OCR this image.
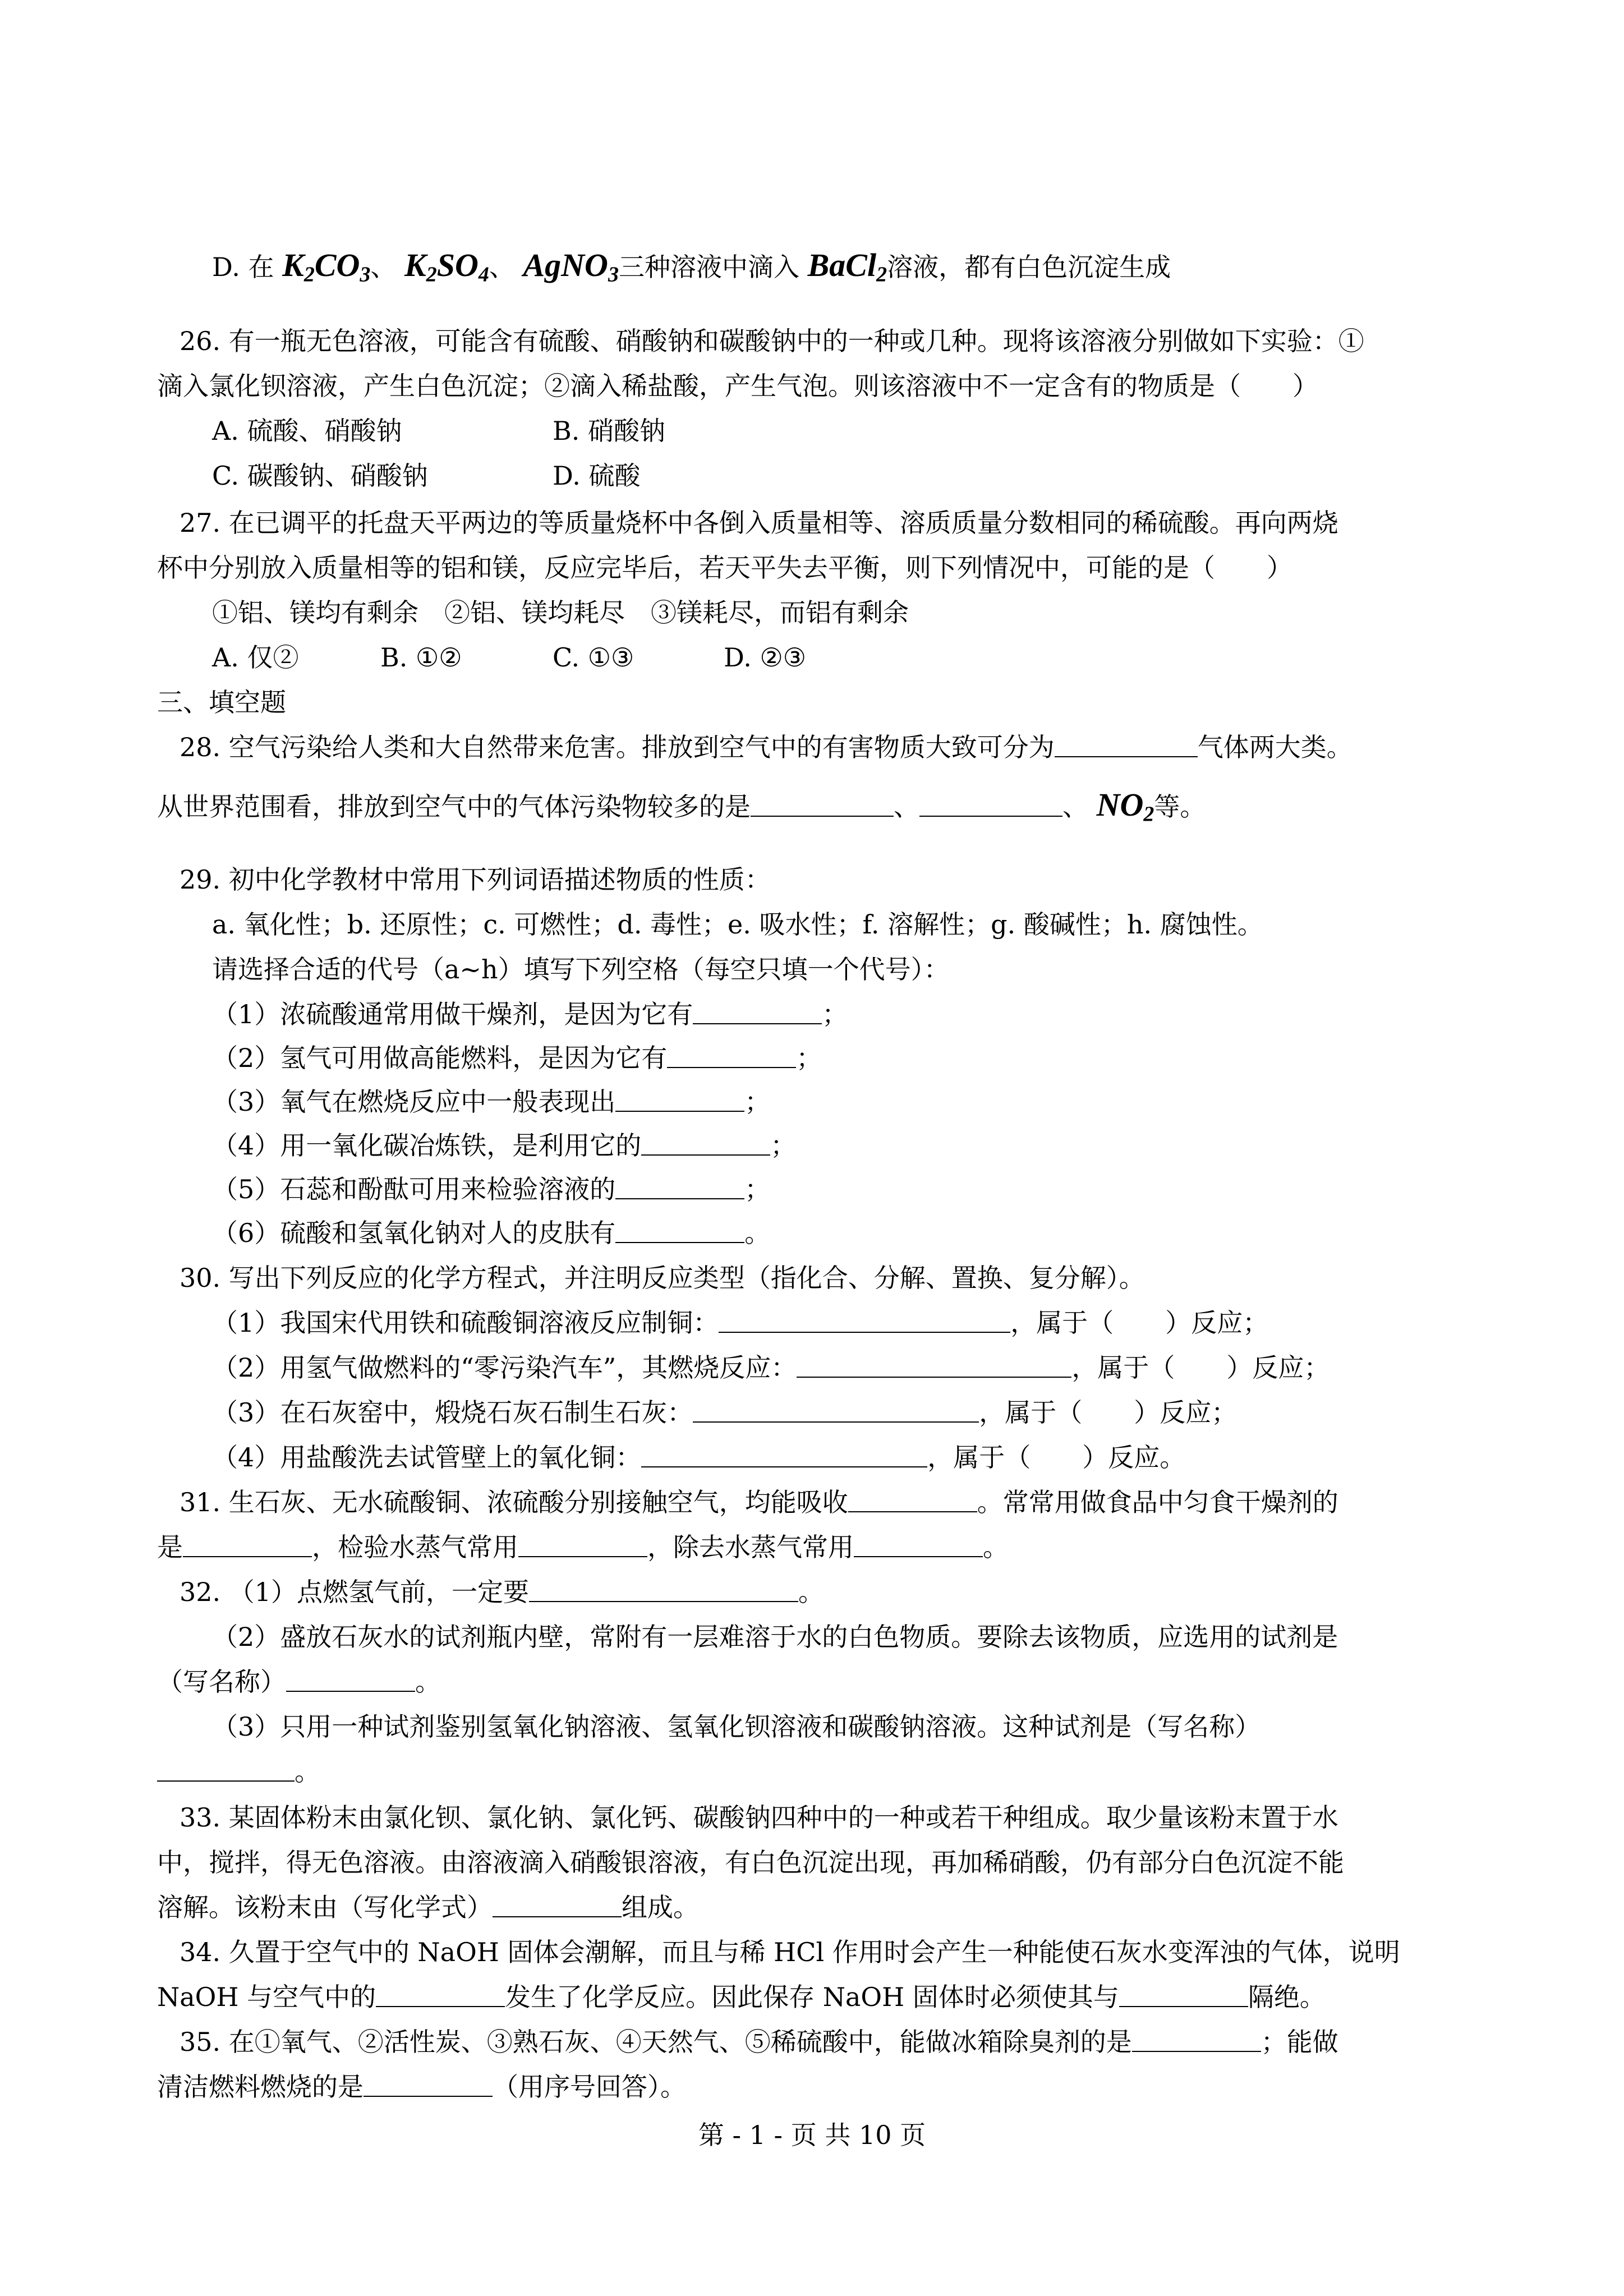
D. 在 $K_2CO_3$、 $K_2SO_4$、 AgNO$_3$三种溶液中滴入 BaCl$_2$溶液，都有白色沉淀生成
26. 有一瓶无色溶液，可能含有硫酸、硝酸钠和碳酸钠中的一种或几种。现将该溶液分别做如下实验：①
滴入氯化钡溶液，产生白色沉淀；②滴入稀盐酸，产生气泡。则该溶液中不一定含有的物质是（　　）
A. 硫酸、硝酸钠	B. 硝酸钠
C. 碳酸钠、硝酸钠	D. 硫酸
27. 在已调平的托盘天平两边的等质量烧杯中各倒入质量相等、溶质质量分数相同的稀硫酸。再向两烧
杯中分别放入质量相等的铝和镁，反应完毕后，若天平失去平衡，则下列情况中，可能的是（　　）
①铝、镁均有剩余　②铝、镁均耗尽　③镁耗尽，而铝有剩余
A. 仅②	B. ①②	C. ①③	D. ②③
三、填空题
28. 空气污染给人类和大自然带来危害。排放到空气中的有害物质大致可分为	气体两大类。
从世界范围看，排放到空气中的气体污染物较多的是	、	、 $NO_2$等。
29. 初中化学教材中常用下列词语描述物质的性质：
a. 氧化性；b. 还原性；c. 可燃性；d. 毒性；e. 吸水性；f. 溶解性；g. 酸碱性；h. 腐蚀性。
请选择合适的代号（a~h）填写下列空格（每空只填一个代号）：
（1）浓硫酸通常用做干燥剂，是因为它有	；
（2）氢气可用做高能燃料，是因为它有	；
（3）氧气在燃烧反应中一般表现出	；
（4）用一氧化碳冶炼铁，是利用它的	；
（5）石蕊和酚酞可用来检验溶液的	；
（6）硫酸和氢氧化钠对人的皮肤有	。
30. 写出下列反应的化学方程式，并注明反应类型（指化合、分解、置换、复分解）。
（1）我国宋代用铁和硫酸铜溶液反应制铜：	，属于（　　）反应；
（2）用氢气做燃料的“零污染汽车”，其燃烧反应：	，属于（　　）反应；
（3）在石灰窑中，煅烧石灰石制生石灰：	，属于（　　）反应；
（4）用盐酸洗去试管壁上的氧化铜：	，属于（　　）反应。
31. 生石灰、无水硫酸铜、浓硫酸分别接触空气，均能吸收	。常常用做食品中匀食干燥剂的
是	，检验水蒸气常用	，除去水蒸气常用	。
32. （1）点燃氢气前，一定要	。
（2）盛放石灰水的试剂瓶内壁，常附有一层难溶于水的白色物质。要除去该物质，应选用的试剂是
（写名称）	。
（3）只用一种试剂鉴别氢氧化钠溶液、氢氧化钡溶液和碳酸钠溶液。这种试剂是（写名称）
。
33. 某固体粉末由氯化钡、氯化钠、氯化钙、碳酸钠四种中的一种或若干种组成。取少量该粉末置于水
中，搅拌，得无色溶液。由溶液滴入硝酸银溶液，有白色沉淀出现，再加稀硝酸，仍有部分白色沉淀不能
溶解。该粉末由（写化学式）	组成。
34. 久置于空气中的 NaOH 固体会潮解，而且与稀 HCl 作用时会产生一种能使石灰水变浑浊的气体，说明
NaOH 与空气中的	发生了化学反应。因此保存 NaOH 固体时必须使其与	隔绝。
35. 在①氧气、②活性炭、③熟石灰、④天然气、⑤稀硫酸中，能做冰箱除臭剂的是	；能做
清洁燃料燃烧的是	（用序号回答）。
第 - 1 - 页 共 10 页
